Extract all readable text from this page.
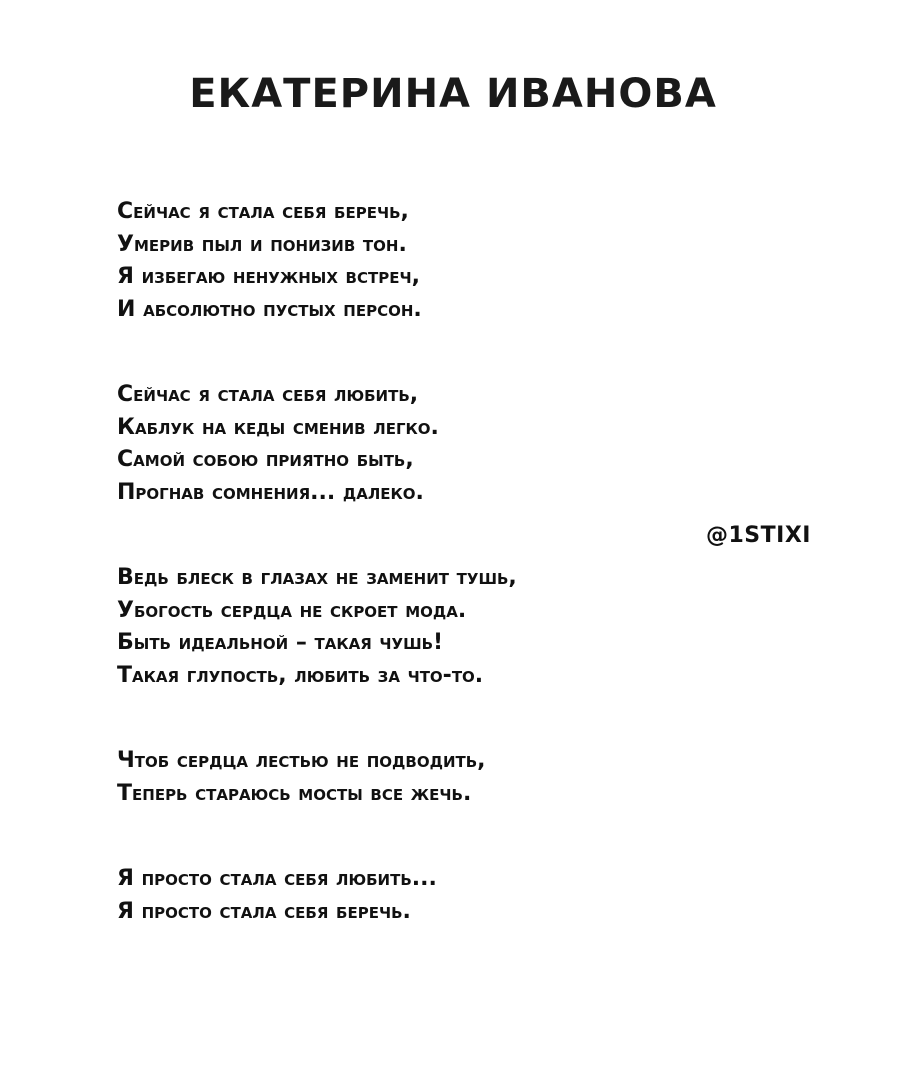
ЕКАТЕРИНА ИВАНОВА
Сейчас я стала себя беречь,
Умерив пыл и понизив тон.
Я избегаю ненужных встреч,
И абсолютно пустых персон.
Сейчас я стала себя любить,
Каблук на кеды сменив легко.
Самой собою приятно быть,
Прогнав сомнения... далеко.
Ведь блеск в глазах не заменит тушь,
Убогость сердца не скроет мода.
Быть идеальной – такая чушь!
Такая глупость, любить за что-то.
Чтоб сердца лестью не подводить,
Теперь стараюсь мосты все жечь.
Я просто стала себя любить...
Я просто стала себя беречь.
@1STIXI
